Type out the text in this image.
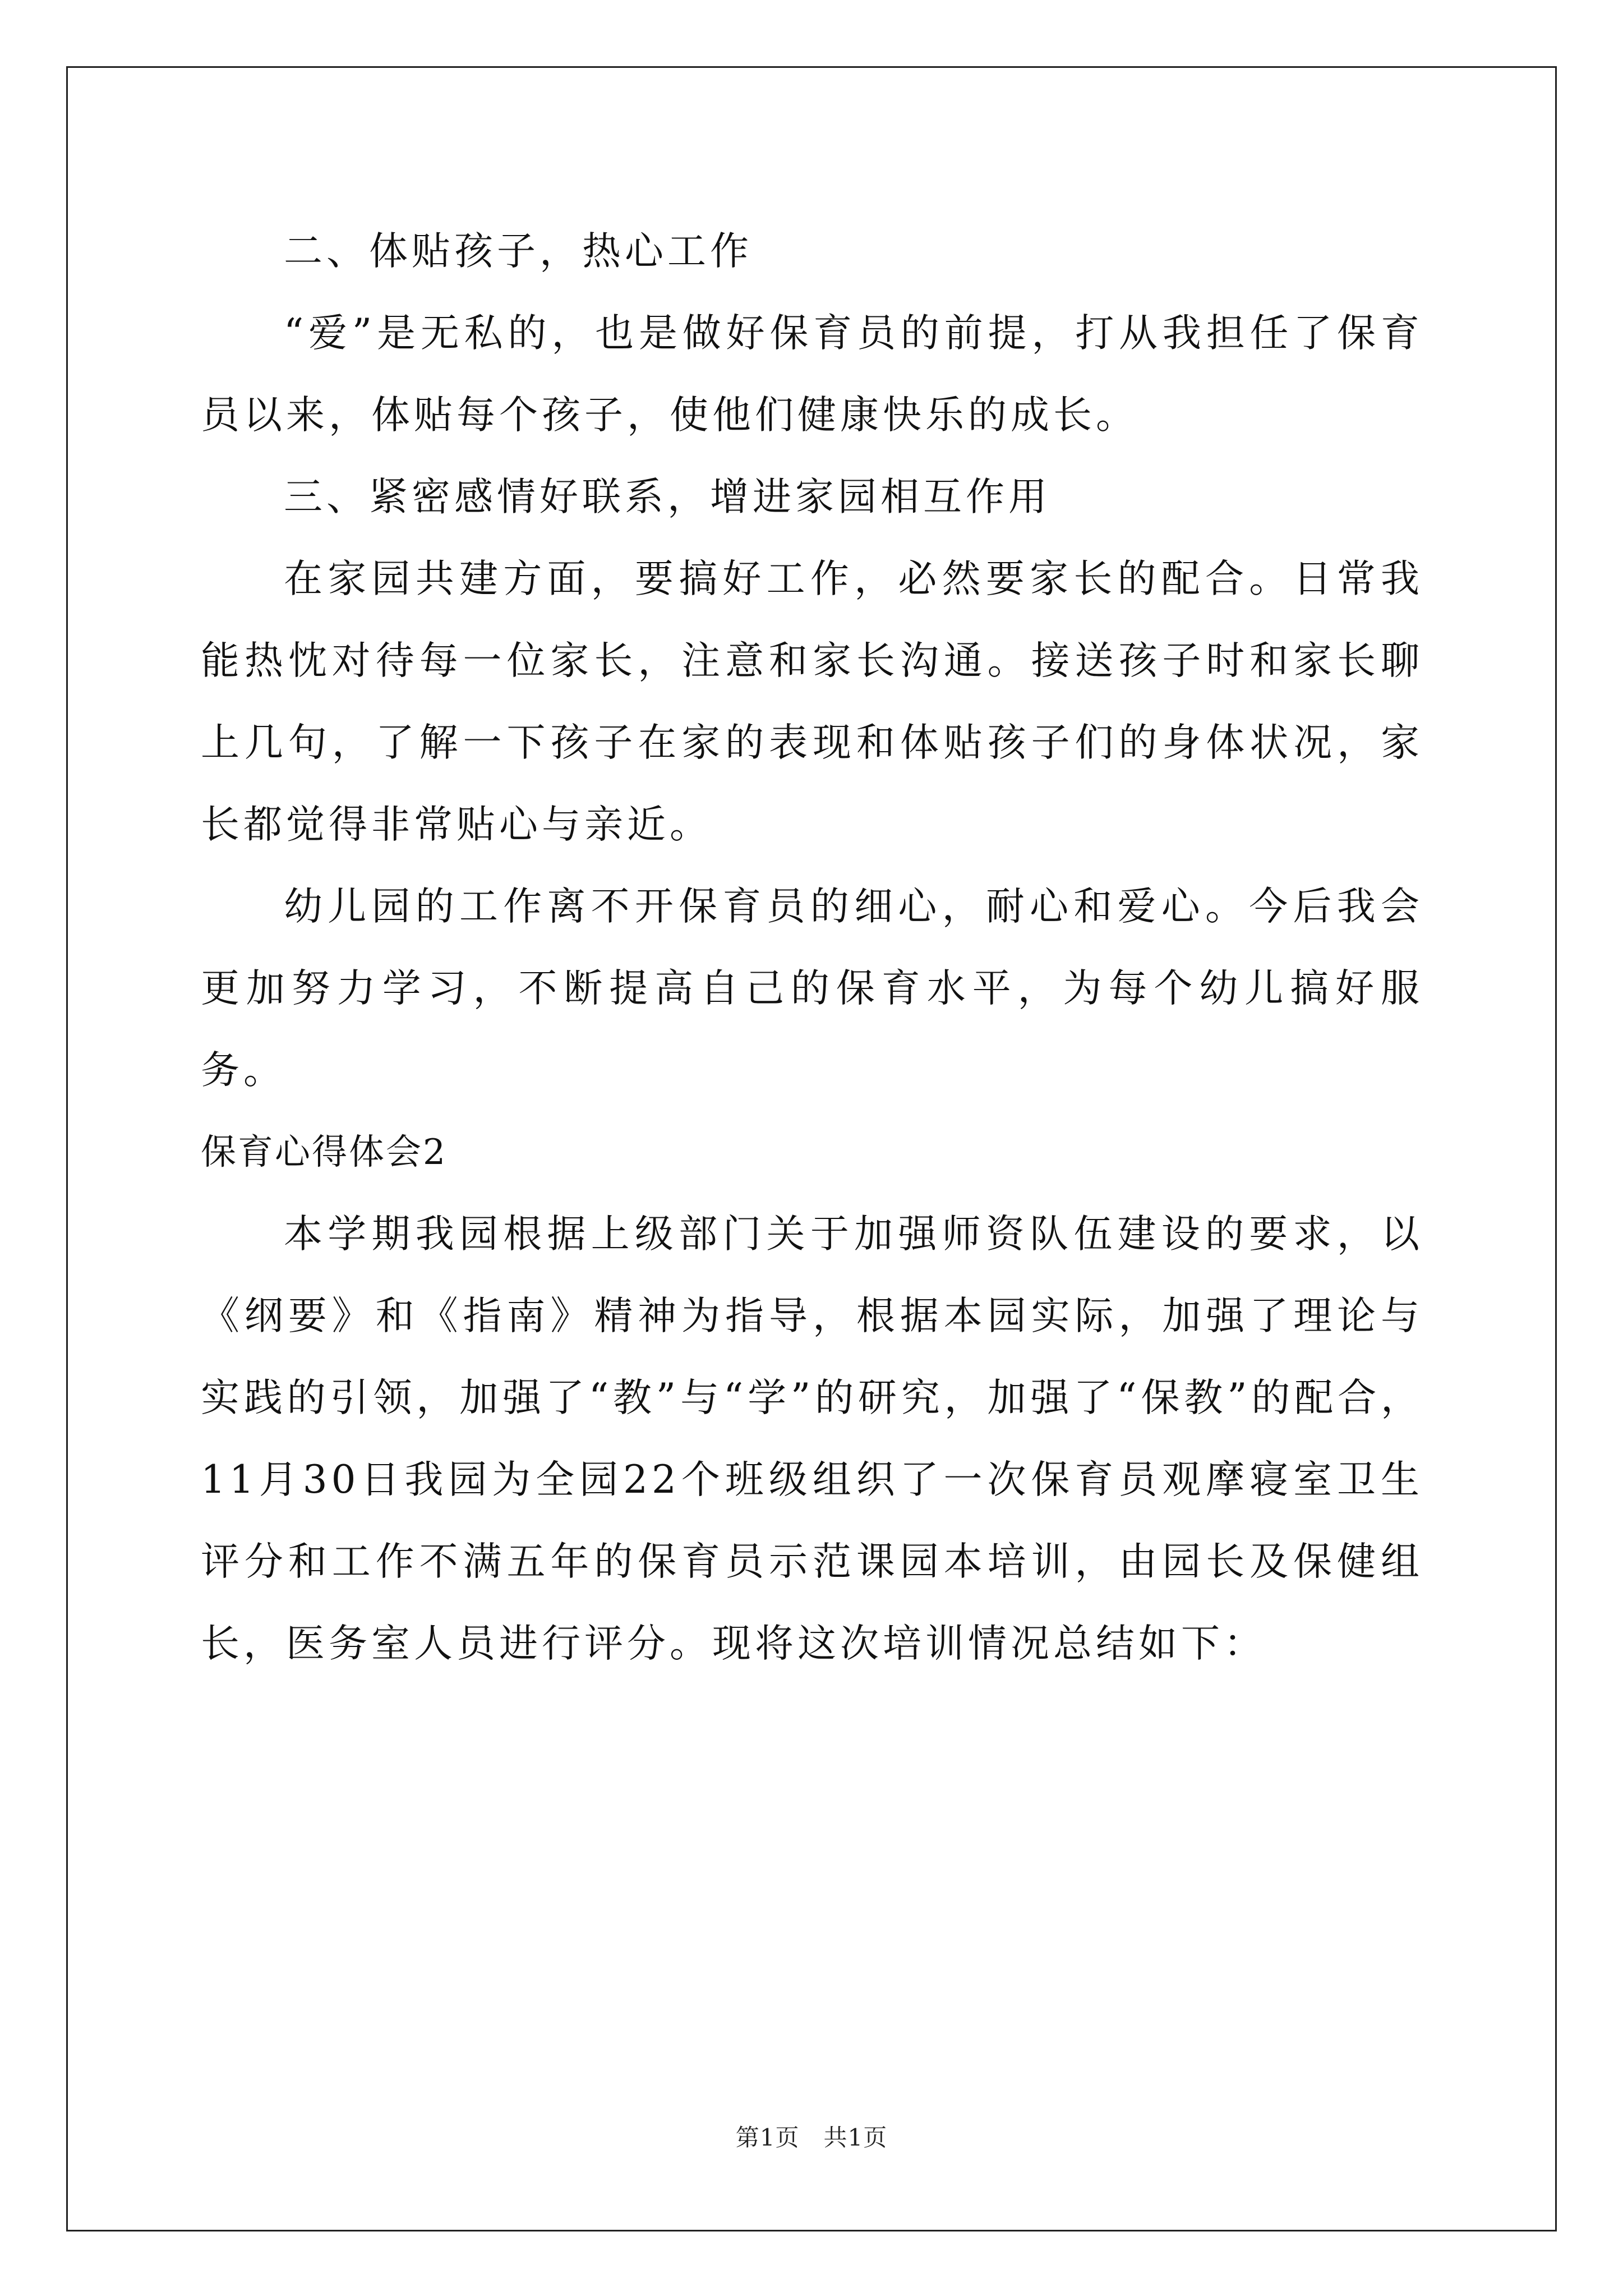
二、体贴孩子，热心工作

“爱”是无私的，也是做好保育员的前提，打从我担任了保育员以来，体贴每个孩子，使他们健康快乐的成长。

三、紧密感情好联系，增进家园相互作用

在家园共建方面，要搞好工作，必然要家长的配合。日常我能热忱对待每一位家长，注意和家长沟通。接送孩子时和家长聊上几句，了解一下孩子在家的表现和体贴孩子们的身体状况，家长都觉得非常贴心与亲近。

幼儿园的工作离不开保育员的细心，耐心和爱心。今后我会更加努力学习，不断提高自己的保育水平，为每个幼儿搞好服务。

保育心得体会2

本学期我园根据上级部门关于加强师资队伍建设的要求，以《纲要》和《指南》精神为指导，根据本园实际，加强了理论与实践的引领，加强了“教”与“学”的研究，加强了“保教”的配合，11月30日我园为全园22个班级组织了一次保育员观摩寝室卫生评分和工作不满五年的保育员示范课园本培训，由园长及保健组长，医务室人员进行评分。现将这次培训情况总结如下：

第1页　共1页
